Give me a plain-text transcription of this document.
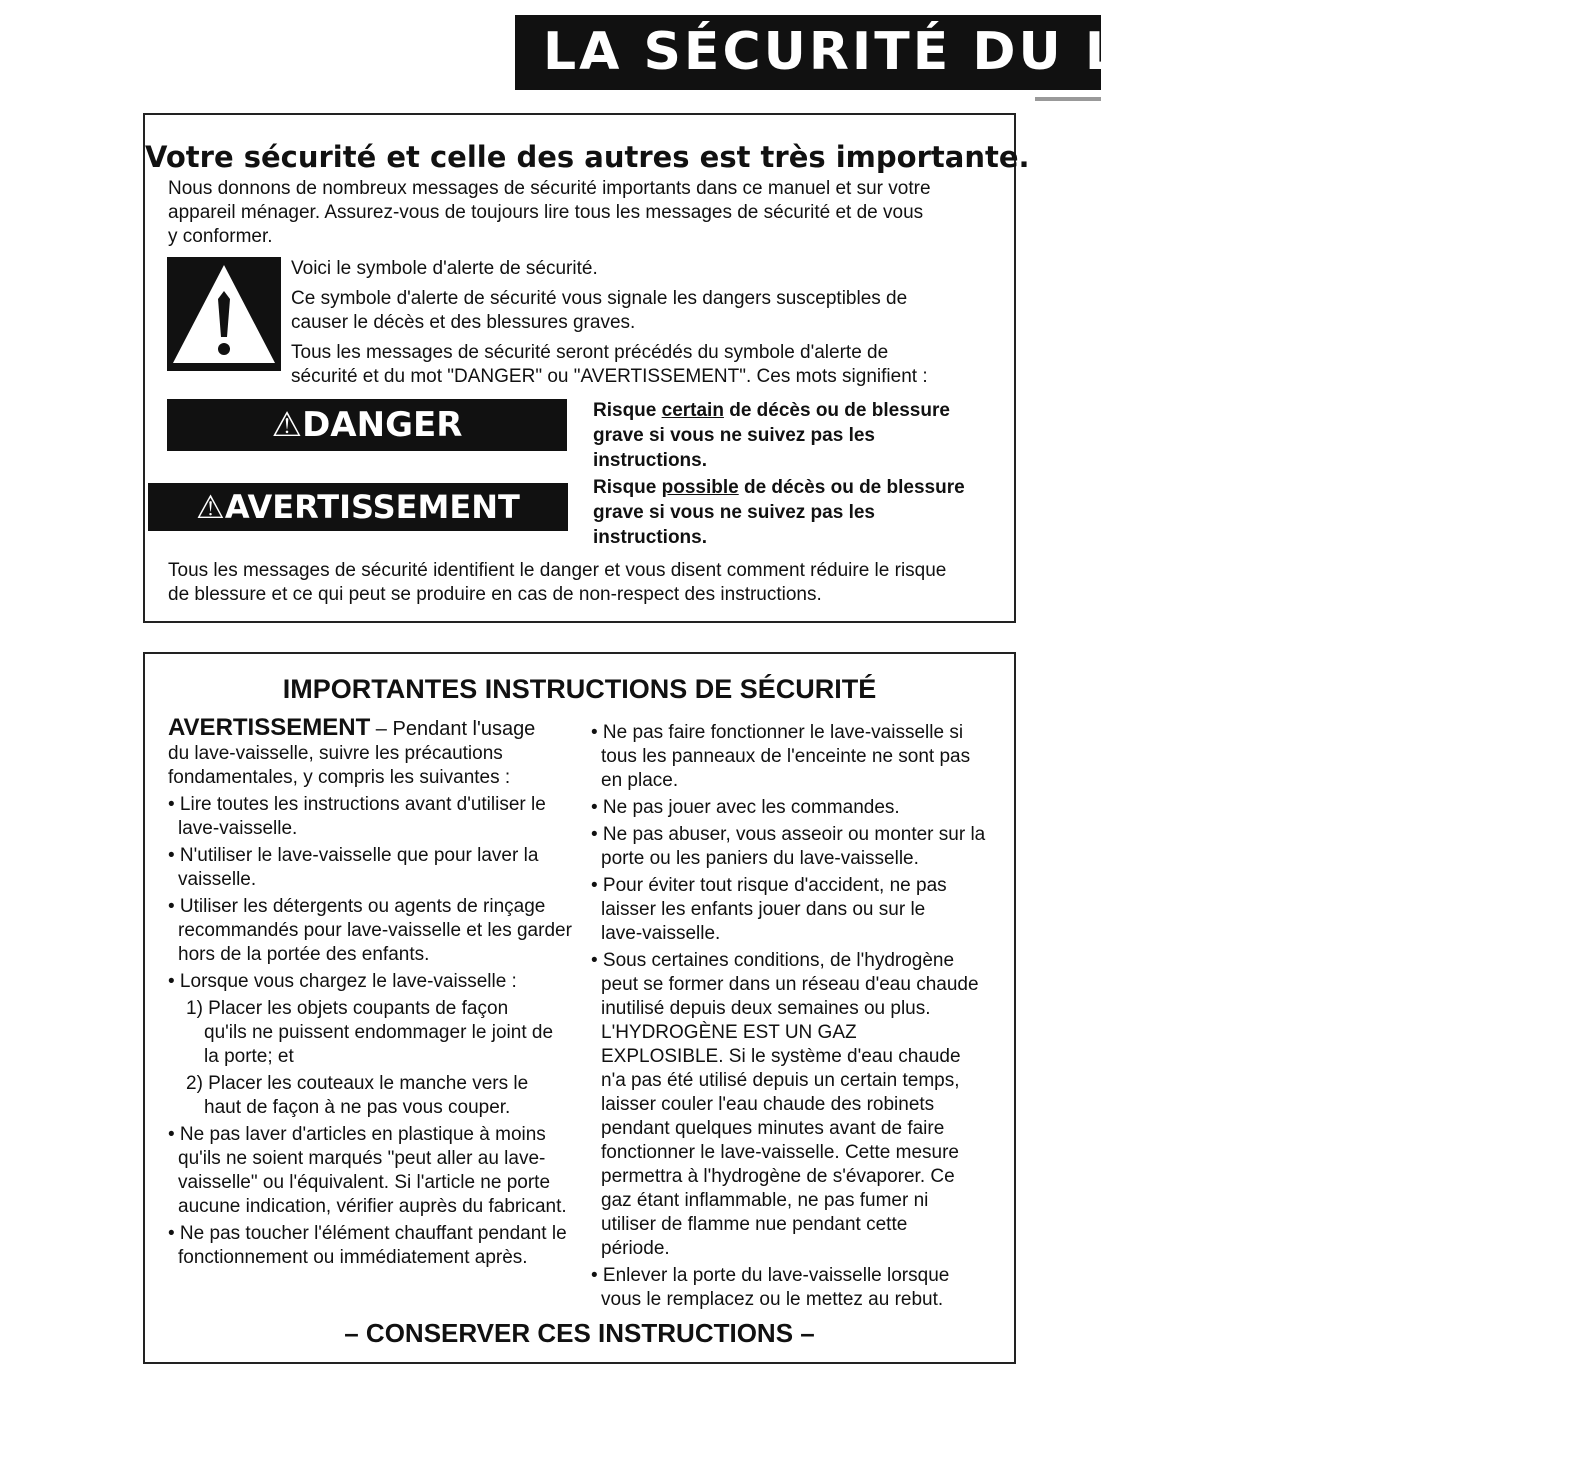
LA SÉCURITÉ DU LAVE-VAISSELLE
Votre sécurité et celle des autres est très importante.
Nous donnons de nombreux messages de sécurité importants dans ce manuel et sur votre
appareil ménager. Assurez-vous de toujours lire tous les messages de sécurité et de vous
y conformer.
Voici le symbole d'alerte de sécurité.
Ce symbole d'alerte de sécurité vous signale les dangers susceptibles de
causer le décès et des blessures graves.
Tous les messages de sécurité seront précédés du symbole d'alerte de
sécurité et du mot "DANGER" ou "AVERTISSEMENT". Ces mots signifient :
⚠DANGER	Risque certain de décès ou de blessure
grave si vous ne suivez pas les
instructions.
⚠AVERTISSEMENT
Risque possible de décès ou de blessure
grave si vous ne suivez pas les
instructions.
Tous les messages de sécurité identifient le danger et vous disent comment réduire le risque
de blessure et ce qui peut se produire en cas de non-respect des instructions.
IMPORTANTES INSTRUCTIONS DE SÉCURITÉ

AVERTISSEMENT – Pendant l'usage

du lave-vaisselle, suivre les précautions

fondamentales, y compris les suivantes :

• Lire toutes les instructions avant d'utiliser le lave-vaisselle.

• N'utiliser le lave-vaisselle que pour laver la vaisselle.

• Utiliser les détergents ou agents de rinçage recommandés pour lave-vaisselle et les garder hors de la portée des enfants.

• Lorsque vous chargez le lave-vaisselle :

1) Placer les objets coupants de façon qu'ils ne puissent endommager le joint de la porte; et

2) Placer les couteaux le manche vers le haut de façon à ne pas vous couper.

• Ne pas laver d'articles en plastique à moins qu'ils ne soient marqués "peut aller au lave-vaisselle" ou l'équivalent. Si l'article ne porte aucune indication, vérifier auprès du fabricant.

• Ne pas toucher l'élément chauffant pendant le fonctionnement ou immédiatement après.

• Ne pas faire fonctionner le lave-vaisselle si tous les panneaux de l'enceinte ne sont pas en place.

• Ne pas jouer avec les commandes.

• Ne pas abuser, vous asseoir ou monter sur la porte ou les paniers du lave-vaisselle.

• Pour éviter tout risque d'accident, ne pas laisser les enfants jouer dans ou sur le lave-vaisselle.

• Sous certaines conditions, de l'hydrogène peut se former dans un réseau d'eau chaude inutilisé depuis deux semaines ou plus. L'HYDROGÈNE EST UN GAZ EXPLOSIBLE. Si le système d'eau chaude n'a pas été utilisé depuis un certain temps, laisser couler l'eau chaude des robinets pendant quelques minutes avant de faire fonctionner le lave-vaisselle. Cette mesure permettra à l'hydrogène de s'évaporer. Ce gaz étant inflammable, ne pas fumer ni utiliser de flamme nue pendant cette période.

• Enlever la porte du lave-vaisselle lorsque vous le remplacez ou le mettez au rebut.

– CONSERVER CES INSTRUCTIONS –
